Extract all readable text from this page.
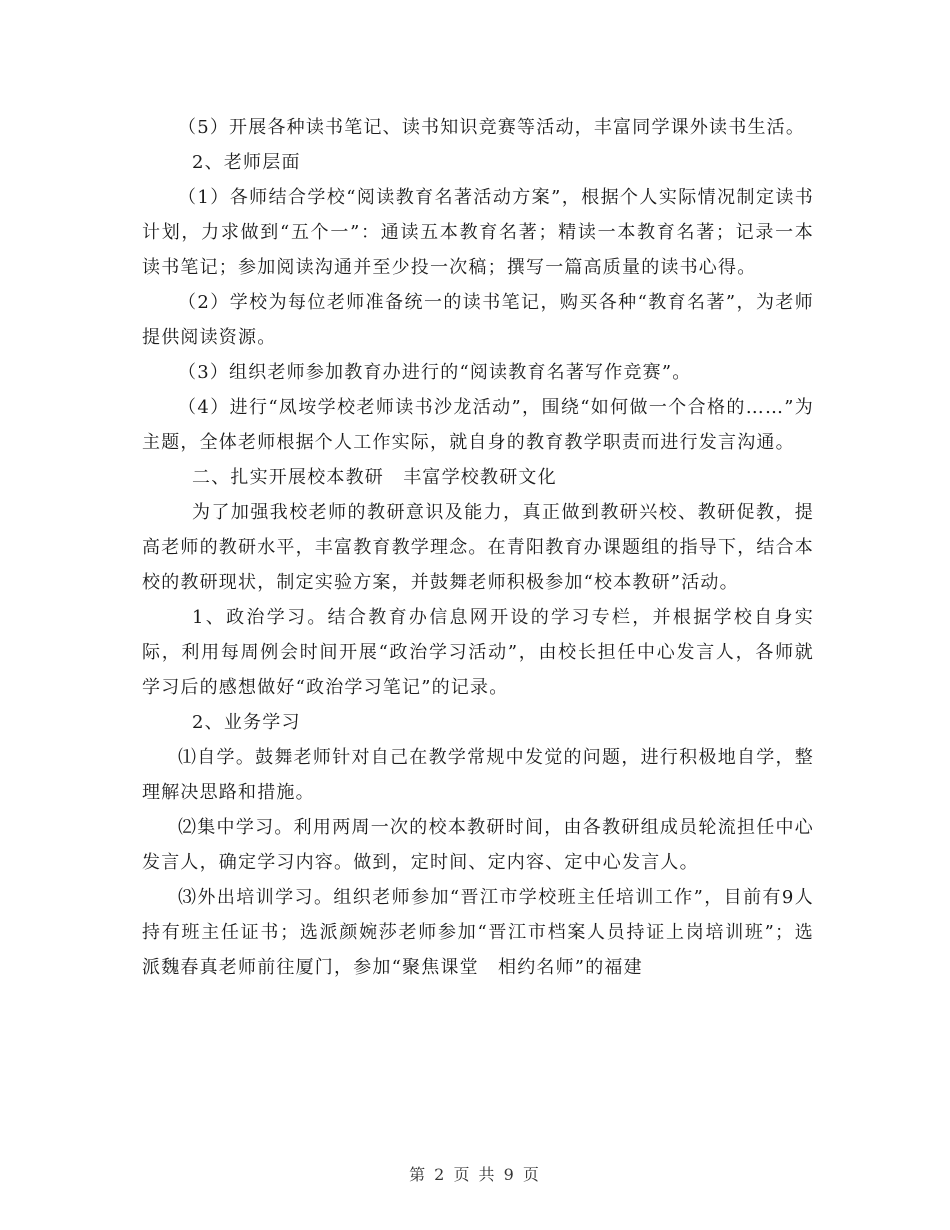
（5）开展各种读书笔记、读书知识竞赛等活动，丰富同学课外读书生活。

2、老师层面

（1）各师结合学校“阅读教育名著活动方案”，根据个人实际情况制定读书计划，力求做到“五个一”：通读五本教育名著；精读一本教育名著；记录一本读书笔记；参加阅读沟通并至少投一次稿；撰写一篇高质量的读书心得。

（2）学校为每位老师准备统一的读书笔记，购买各种“教育名著”，为老师提供阅读资源。

（3）组织老师参加教育办进行的“阅读教育名著写作竞赛”。

（4）进行“凤垵学校老师读书沙龙活动”，围绕“如何做一个合格的……”为主题，全体老师根据个人工作实际，就自身的教育教学职责而进行发言沟通。

二、扎实开展校本教研　丰富学校教研文化

为了加强我校老师的教研意识及能力，真正做到教研兴校、教研促教，提高老师的教研水平，丰富教育教学理念。在青阳教育办课题组的指导下，结合本校的教研现状，制定实验方案，并鼓舞老师积极参加“校本教研”活动。

1、政治学习。结合教育办信息网开设的学习专栏，并根据学校自身实际，利用每周例会时间开展“政治学习活动”，由校长担任中心发言人，各师就学习后的感想做好“政治学习笔记”的记录。

2、业务学习

⑴自学。鼓舞老师针对自己在教学常规中发觉的问题，进行积极地自学，整理解决思路和措施。

⑵集中学习。利用两周一次的校本教研时间，由各教研组成员轮流担任中心发言人，确定学习内容。做到，定时间、定内容、定中心发言人。

⑶外出培训学习。组织老师参加“晋江市学校班主任培训工作”，目前有9人持有班主任证书；选派颜婉莎老师参加“晋江市档案人员持证上岗培训班”；选派魏春真老师前往厦门，参加“聚焦课堂　相约名师”的福建

第 2 页 共 9 页
